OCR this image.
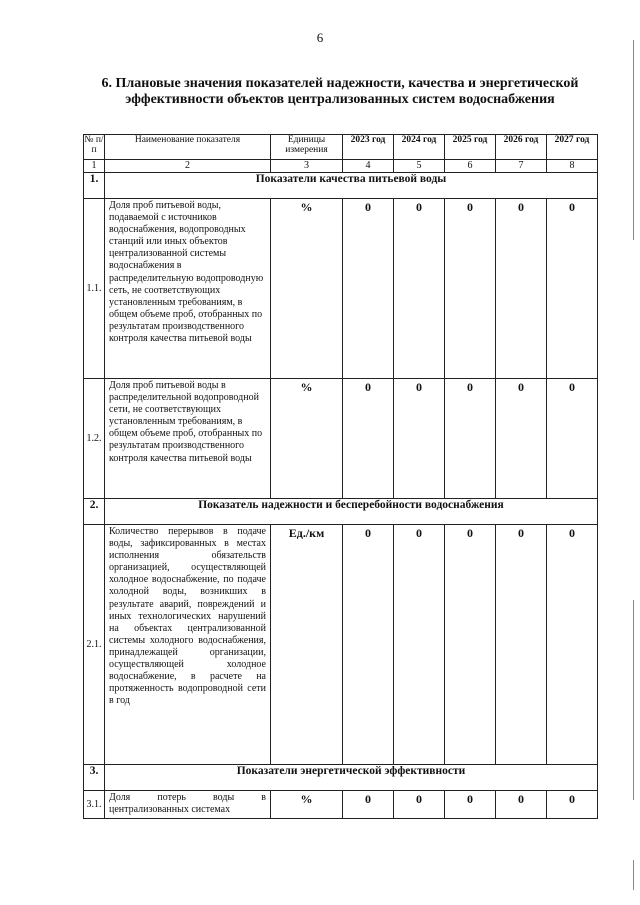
6
6. Плановые значения показателей надежности, качества и энергетической эффективности объектов централизованных систем водоснабжения
№ п/п	Наименование показателя	Единицы измерения	2023 год	2024 год	2025 год	2026 год	2027 год
1	2	3	4	5	6	7	8
1.	Показатели качества питьевой воды						
1.1.	Доля проб питьевой воды, подаваемой с источников водоснабжения, водопроводных станций или иных объектов централизованной системы водоснабжения в распределительную водопроводную сеть, не соответствующих установленным требованиям, в общем объеме проб, отобранных по результатам производственного контроля качества питьевой воды	%	0	0	0	0	0
1.2.	Доля проб питьевой воды в распределительной водопроводной сети, не соответствующих установленным требованиям, в общем объеме проб, отобранных по результатам производственного контроля качества питьевой воды	%	0	0	0	0	0
2.	Показатель надежности и бесперебойности водоснабжения						
2.1.	Количество перерывов в подаче воды, зафиксированных в местах исполнения обязательств организацией, осуществляющей холодное водоснабжение, по подаче холодной воды, возникших в результате аварий, повреждений и иных технологических нарушений на объектах централизованной системы холодного водоснабжения, принадлежащей организации, осуществляющей холодное водоснабжение, в расчете на протяженность водопроводной сети в год	Ед./км	0	0	0	0	0
3.	Показатели энергетической эффективности						
3.1.	Доля потерь воды в централизованных системах	%	0	0	0	0	0
